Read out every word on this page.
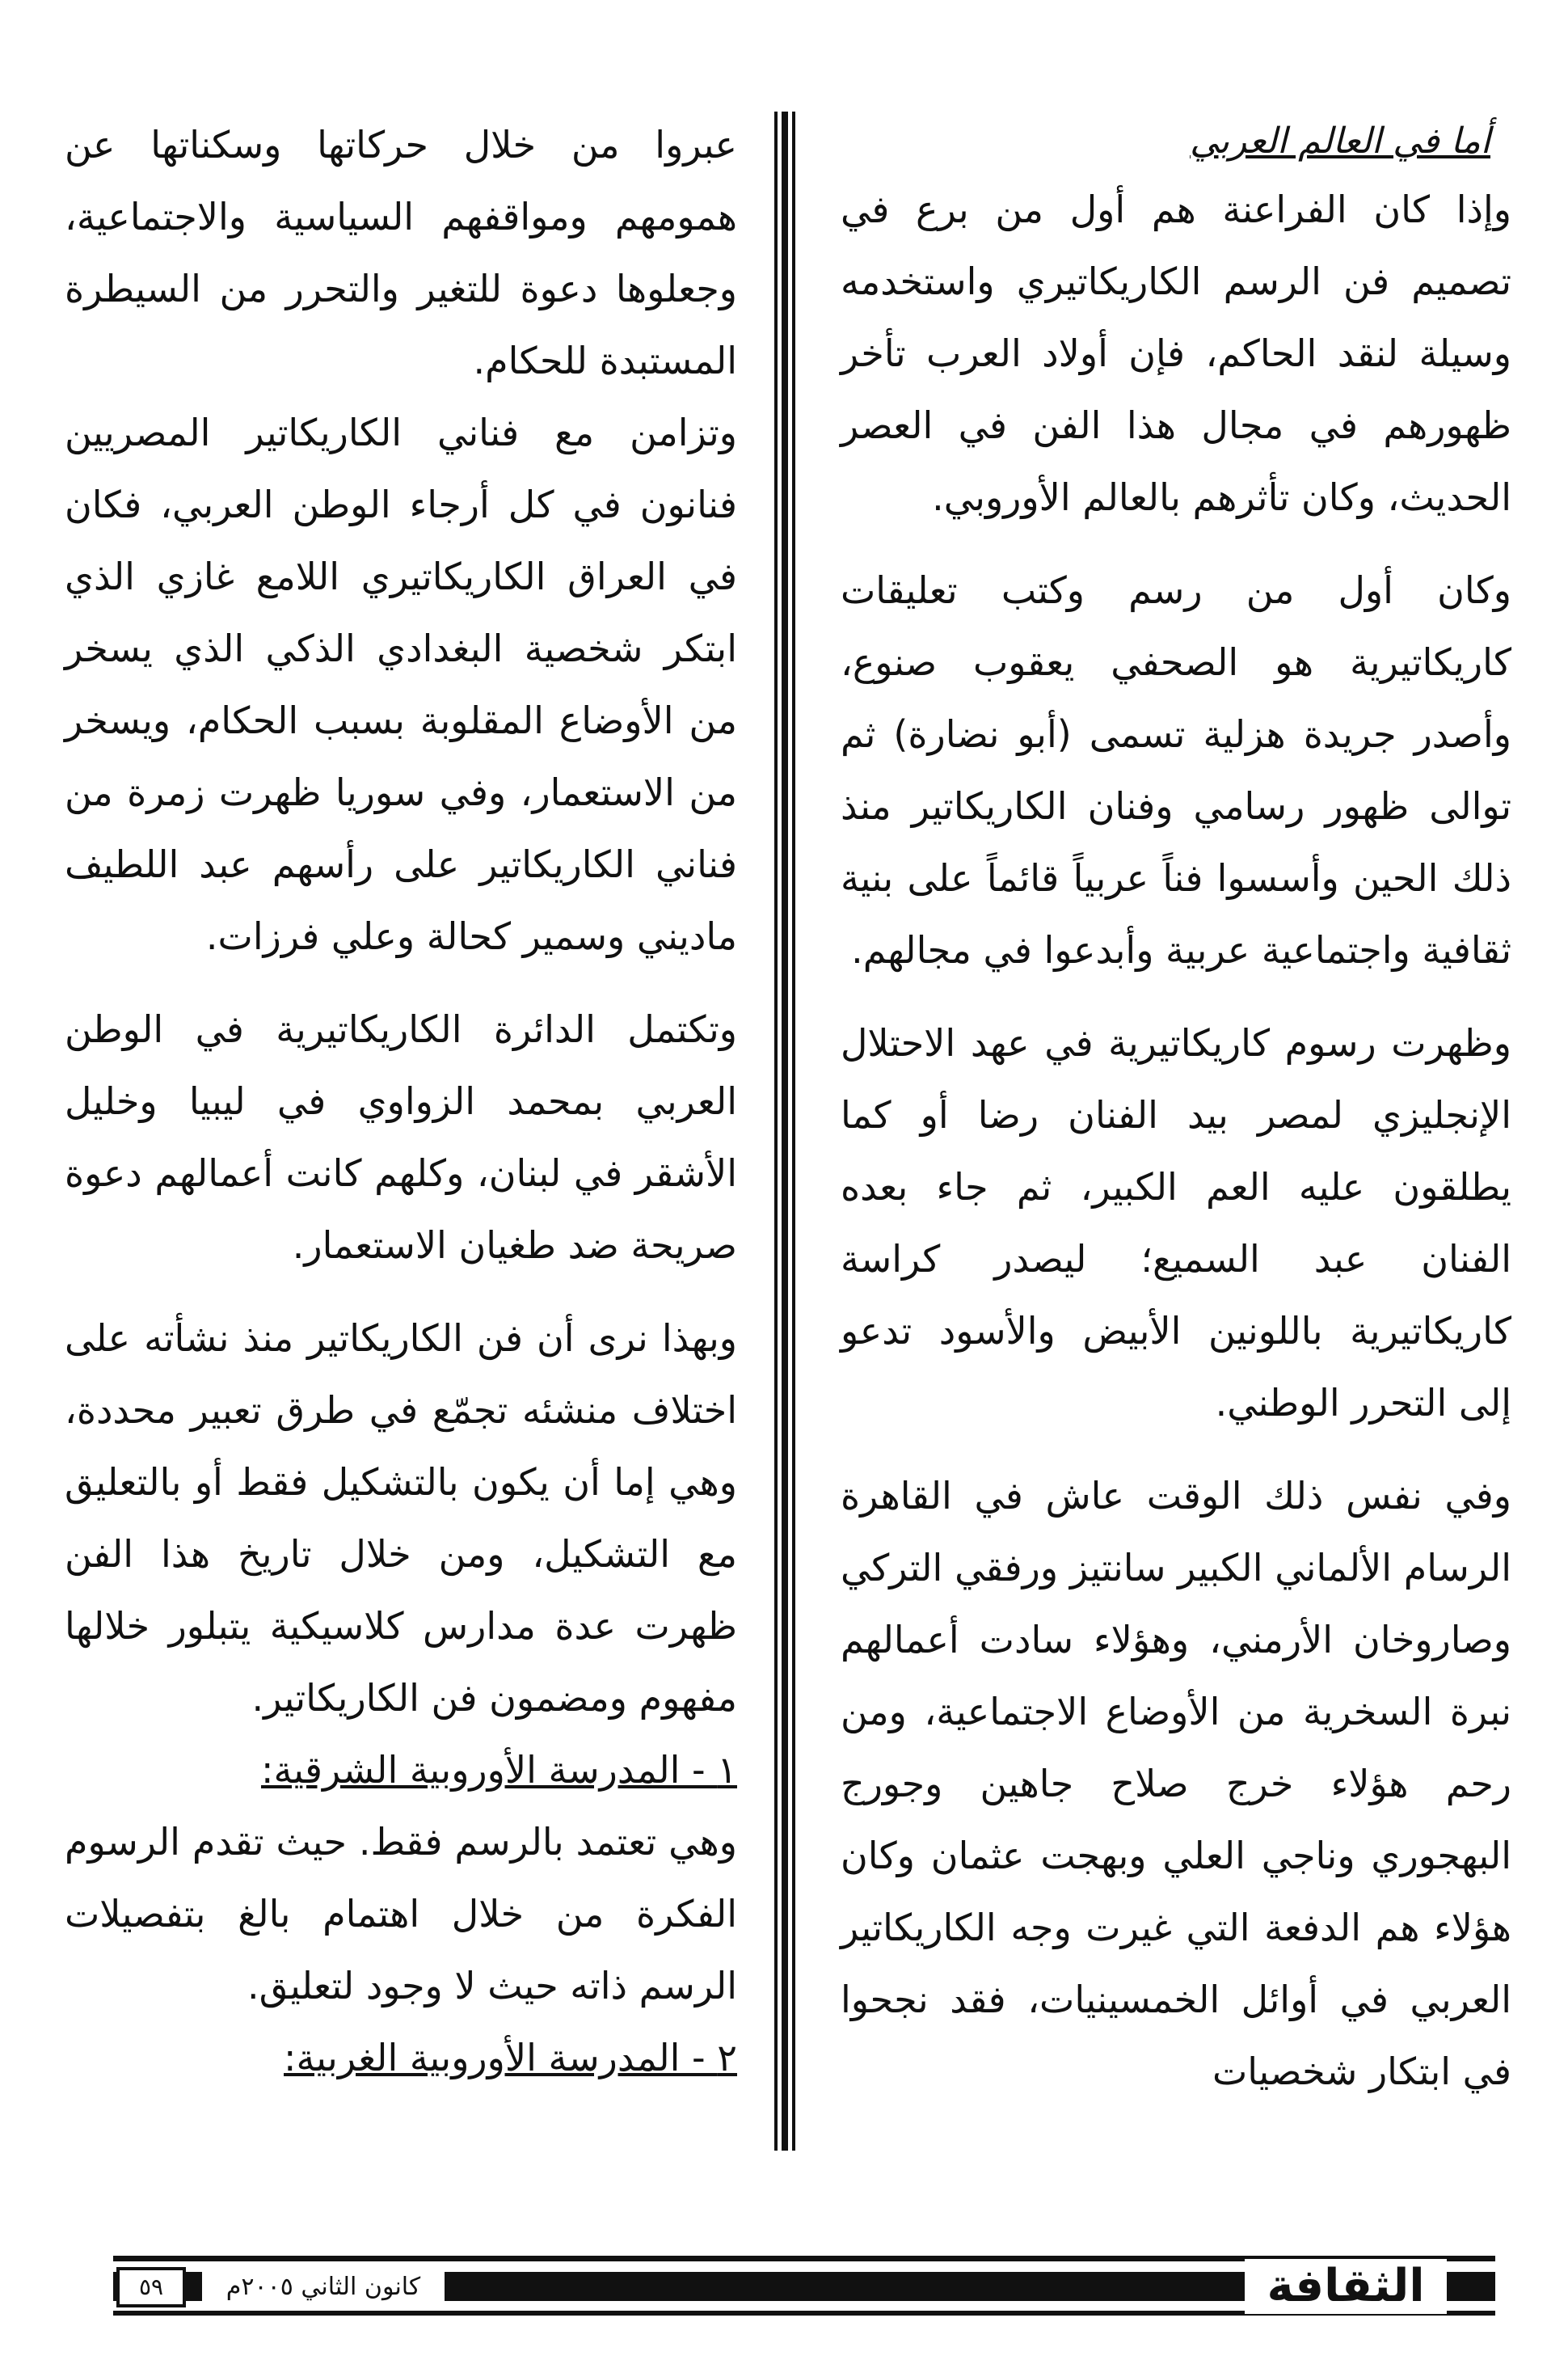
أما في العالم العربي

وإذا كان الفراعنة هم أول من برع في تصميم فن الرسم الكاريكاتيري واستخدمه وسيلة لنقد الحاكم، فإن أولاد العرب تأخر ظهورهم في مجال هذا الفن في العصر الحديث، وكان تأثرهم بالعالم الأوروبي.

وكان أول من رسم وكتب تعليقات كاريكاتيرية هو الصحفي يعقوب صنوع، وأصدر جريدة هزلية تسمى (أبو نضارة) ثم توالى ظهور رسامي وفنان الكاريكاتير منذ ذلك الحين وأسسوا فناً عربياً قائماً على بنية ثقافية واجتماعية عربية وأبدعوا في مجالهم.

وظهرت رسوم كاريكاتيرية في عهد الاحتلال الإنجليزي لمصر بيد الفنان رضا أو كما يطلقون عليه العم الكبير، ثم جاء بعده الفنان عبد السميع؛ ليصدر كراسة كاريكاتيرية باللونين الأبيض والأسود تدعو إلى التحرر الوطني.

وفي نفس ذلك الوقت عاش في القاهرة الرسام الألماني الكبير سانتيز ورفقي التركي وصاروخان الأرمني، وهؤلاء سادت أعمالهم نبرة السخرية من الأوضاع الاجتماعية، ومن رحم هؤلاء خرج صلاح جاهين وجورج البهجوري وناجي العلي وبهجت عثمان وكان هؤلاء هم الدفعة التي غيرت وجه الكاريكاتير العربي في أوائل الخمسينيات، فقد نجحوا في ابتكار شخصيات

عبروا من خلال حركاتها وسكناتها عن همومهم ومواقفهم السياسية والاجتماعية، وجعلوها دعوة للتغير والتحرر من السيطرة المستبدة للحكام.

وتزامن مع فناني الكاريكاتير المصريين فنانون في كل أرجاء الوطن العربي، فكان في العراق الكاريكاتيري اللامع غازي الذي ابتكر شخصية البغدادي الذكي الذي يسخر من الأوضاع المقلوبة بسبب الحكام، ويسخر من الاستعمار، وفي سوريا ظهرت زمرة من فناني الكاريكاتير على رأسهم عبد اللطيف ماديني وسمير كحالة وعلي فرزات.

وتكتمل الدائرة الكاريكاتيرية في الوطن العربي بمحمد الزواوي في ليبيا وخليل الأشقر في لبنان، وكلهم كانت أعمالهم دعوة صريحة ضد طغيان الاستعمار.

وبهذا نرى أن فن الكاريكاتير منذ نشأته على اختلاف منشئه تجمّع في طرق تعبير محددة، وهي إما أن يكون بالتشكيل فقط أو بالتعليق مع التشكيل، ومن خلال تاريخ هذا الفن ظهرت عدة مدارس كلاسيكية يتبلور خلالها مفهوم ومضمون فن الكاريكاتير.

١ - المدرسة الأوروبية الشرقية:

وهي تعتمد بالرسم فقط. حيث تقدم الرسوم الفكرة من خلال اهتمام بالغ بتفصيلات الرسم ذاته حيث لا وجود لتعليق.

٢ - المدرسة الأوروبية الغربية:

٥٩	كانون الثاني ٢٠٠٥م	الثقافة
